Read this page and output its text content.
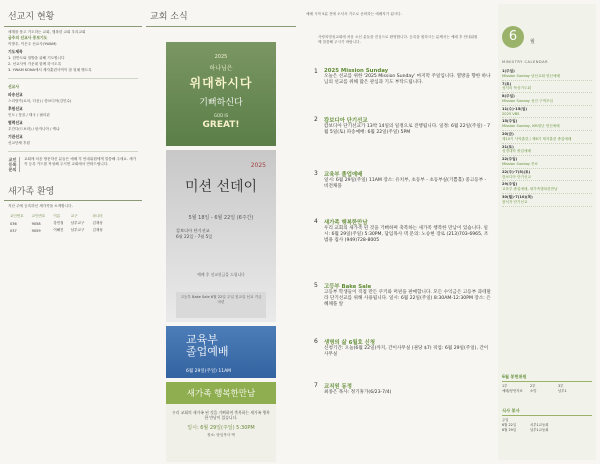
선교지 현황
세계를 품고 기도하는 교회, 행복한 교회 우리교회
금주의 선교사 중보기도
이방우, 이은주 선교사(YWAM)
기도제목
1. 한반도와 열방을 위해 기도합니다
2. 선교사역 가운데 함께 하시도록
3. YWAM KONA에서 제자훈련사역이 잘 열매 맺도록
선교사
파송선교
스리랑카(로마, 다음) / 캄보디아(김민수)
후원선교
인도 / 몽골 / 태국 / 필리핀
협력선교
우간다(드보라) / 탄자니아 / 케냐
기관선교
선교단체 후원
교인 등록 문의
교회에 처음 방문하신 분들은 예배 후 안내위원에게 말씀해 주세요. 새가족 등록 카드를 작성해 주시면 교회에서 연락드립니다.
새가족 환영
지난 주에 등록하신 새가족을 소개합니다.
교인번호	교인번호	이름	교구	파니비
036	9058	강민철	남부교구	김재성
037	9059	이해진	남부교구	김재성
교회 소식
2025
하나님은
위대하시다
기뻐하신다
GOD IS
GREAT!
2025
미션 선데이
5월 18일 - 6월 22일 (6주간)
캄보디아 단기선교
6월 22일 - 7월 5일
예배 후 선교헌금을 드립니다
고등부 Bake Sale 6월 22일 주일 친교실 선교 기금 마련
교육부
졸업예배
6월 29일(주일) 11AM
새가족 행복한만남
우리 교회의 새가족 된 것을 기뻐하며 축복하는 새가족 행복한 만남이 있습니다.
일시: 6월 29일(주일) 5:30PM
장소: 담임목사 댁
예배 시작 5분 전에 오셔서 기도로 준비하는 예배자가 됩시다.
사랑의영성교회에 처음 오신 분들을 진심으로 환영합니다. 등록을 원하시는 분께서는 예배 후 안내위원께 말씀해 주시기 바랍니다.
1 2025 Mission Sunday
오늘은 선교를 위한 '2025 Mission Sunday' 마지막 주일입니다. 열방을 향한 하나님의 선교를 위해 많은 관심과 기도 부탁드립니다.
2 캄보디아 단기선교
캄보디아 단기선교가 13박 14일의 일정으로 진행됩니다. 일정: 6월 22일(주일) - 7월 5일(토) 파송예배: 6월 22일(주일) 5PM
3 교육부 졸업예배
일시: 6월 29일(주일) 11AM 장소: 유치부, 초등부 - 초등부실(기쁨홀) 중고등부 - 비전채플
4 새가족 행복한만남
우리 교회의 새가족 된 것을 기뻐하며 축복하는 새가족 행복한 만남이 있습니다. 일시: 6월 29일(주일) 5:30PM, 담임목사 댁 문의: 노승현 장로 (213)703-6965, 조범용 집사 (949)728-8005
5 고등부 Bake Sale
고등부 학생들이 직접 만든 쿠키와 머핀을 판매합니다. 모든 수익금은 고등부 과테말라 단기선교를 위해 사용됩니다. 일시: 6월 22일(주일) 8:30AM-12:30PM 장소: 은혜채플 앞
6 생명의 삶 6월호 신청
신청기간: 오늘(6월 22일)까지, 간이사무실 (권당 $7) 픽업: 6월 29일(주일), 간이사무실
7 교직원 동정
최종은 목사: 정기휴가(6/23-7/4)
6	월
MINISTRY CALENDAR
1(주일)
Mission Sunday 남선교회 헌신예배
7(토)
성서의 묵상기도회
8(주일)
Mission Sunday 성인 구역모임
11(수)-15(일)
2025 VBS
15(주일)
Mission Sunday, KM청년 헌신예배
20(금)
제10기 사역훈련 / 제6기 제자훈련 졸업예배
21(토)
성경대학 졸업예배
22(주일)
Mission Sunday 종료
22(주)-7(5)(토)
캄보디아 단기선교
29(주일)
교육부 졸업예배, 새가족행복한만남
30(월)-7(10)(목)
참석자 단기선교
6월 봉헌위원
1부	2부	3부
예배/봉헌자료 소망	남부1
식사 봉사
주일
6월 22일	서부1교동회
6월 29일	남부1교동회
